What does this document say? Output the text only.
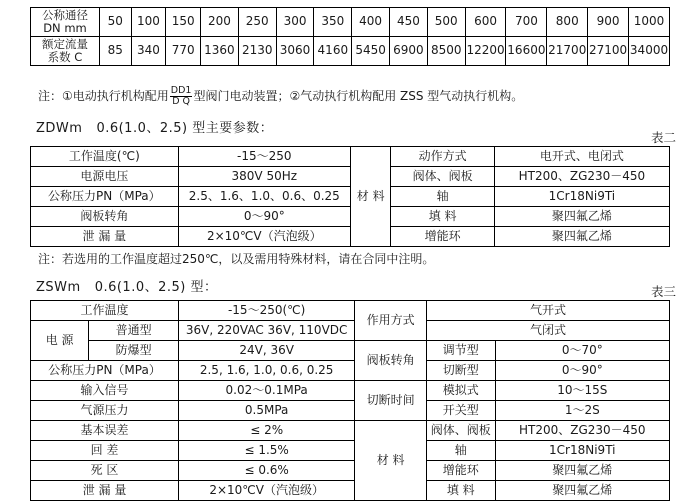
公称通径
DN mm	50	100	150	200	250	300	350	400	450	500	600	700	800	900	1000

额定流量
系数 C	85	340	770	1360	2130	3060	4160	5450	6900	8500	12200	16600	21700	27100	34000
注：①电动执行机构配用 $\frac{DD1}{\text{D Q}}$ 型阀门电动装置；②气动执行机构配用 ZSS 型气动执行机构。
ZDWm 0.6(1.0、2.5) 型主要参数：
表二
工作温度(℃)	-15～250	材 料	动作方式	电开式、电闭式
电源电压	380V 50Hz		阀体、阀板	HT200、ZG230－450
公称压力PN（MPa）	2.5、1.6、1.0、0.6、0.25		轴	1Cr18Ni9Ti
阀板转角	0～90°		填 料	聚四氟乙烯
泄 漏 量	2×10℃V（汽泡级）		增能环	聚四氟乙烯
注：若选用的工作温度超过250℃，以及需用特殊材料，请在合同中注明。
ZSWm 0.6(1.0、2.5) 型：	表三
工作温度		-15～250(℃)	作用方式	气开式	
电 源	普通型	36V, 220VAC 36V, 110VDC		气闭式	
	防爆型	24V, 36V	阀板转角	调节型	0～70°
公称压力PN（MPa）		2.5, 1.6, 1.0, 0.6, 0.25		切断型	0～90°
输入信号		0.02～0.1MPa	切断时间	模拟式	10～15S
气源压力		0.5MPa		开关型	1～2S
基本误差		≤ 2%	材 料	阀体、阀板	HT200、ZG230－450
回 差		≤ 1.5%		轴	1Cr18Ni9Ti
死 区		≤ 0.6%		增能环	聚四氟乙烯
泄 漏 量		2×10℃V（汽泡级）		填 料	聚四氟乙烯
